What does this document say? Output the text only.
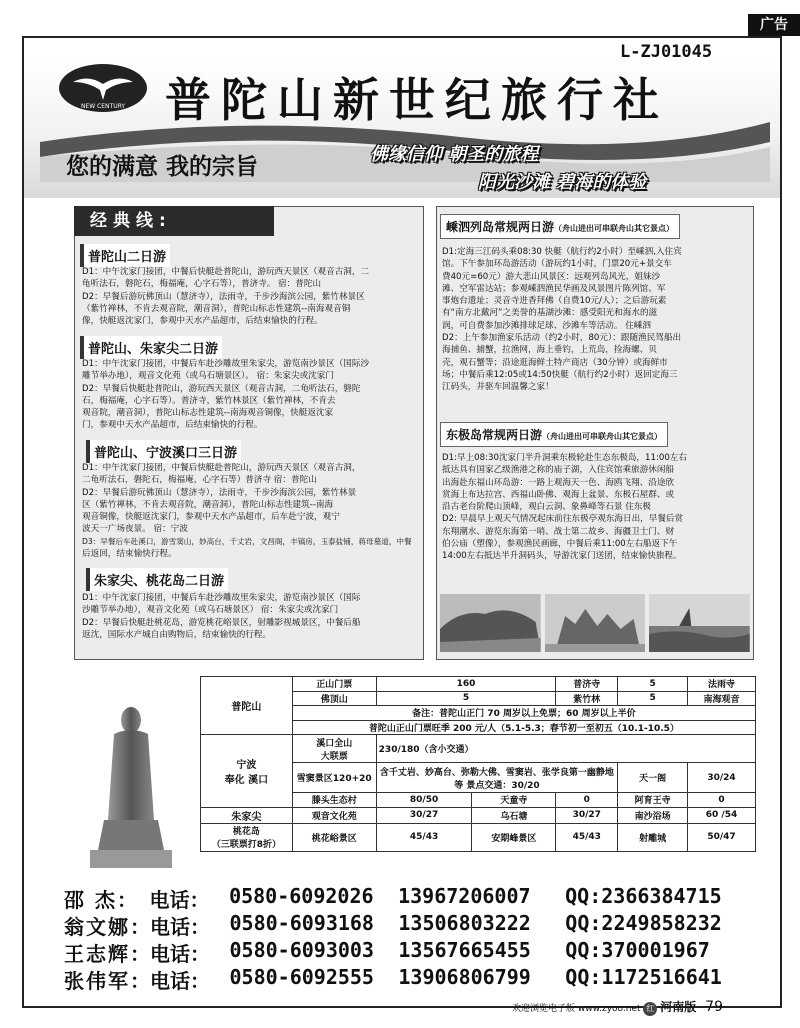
广告
L-ZJ01045
NEW CENTURY 普陀山新世纪旅行社
您的满意 我的宗旨	佛缘信仰 朝圣的旅程
阳光沙滩 碧海的体验
经典线:
普陀山二日游
D1：中午沈家门接团，中餐后快艇赴普陀山，游玩西天景区（观音古洞，二
龟听法石，磐陀石，梅福庵，心字石等），普济寺。 宿：普陀山
D2：早餐后游玩佛顶山（慧济寺），法雨寺，千步沙海滨公园，紫竹林景区
（紫竹禅林，不肯去观音院，潮音洞），普陀山标志性建筑--南海观音铜
像，快艇返沈家门，参观中天水产品超市，后结束愉快的行程。
普陀山、朱家尖二日游
D1：中午沈家门接团，中餐后车赴沙雕故里朱家尖，游览南沙景区（国际沙
雕节举办地），观音文化苑（或乌石塘景区）。 宿：朱家尖或沈家门
D2：早餐后快艇赴普陀山，游玩西天景区（观音古洞，二龟听法石，磐陀
石，梅福庵，心字石等）。普济寺，紫竹林景区（紫竹禅林，不肯去
观音院，潮音洞），普陀山标志性建筑--南海观音铜像，快艇返沈家
门，参观中天水产品超市，后结束愉快的行程。
普陀山、宁波溪口三日游
D1：中午沈家门接团，中餐后快艇赴普陀山，游玩西天景区（观音古洞，
二龟听法石，磐陀石，梅福庵，心字石等）普济寺 宿：普陀山
D2：早餐后游玩佛顶山（慧济寺），法雨寺，千步沙海滨公园，紫竹林景
区（紫竹禅林，不肯去观音院，潮音洞），普陀山标志性建筑--南海
观音铜像，快艇返沈家门，参观中天水产品超市，后车赴宁波，观宁
波天一广场夜景。 宿：宁波
D3：早餐后车赴溪口，游雪窦山，妙高台，千丈岩，文昌阁，丰镐房，玉泰盐铺，蒋母墓道，中餐
后返回，结束愉快行程。
朱家尖、桃花岛二日游
D1：中午沈家门接团，中餐后车赴沙雕故里朱家尖，游览南沙景区（国际
沙雕节举办地），观音文化苑（或乌石塘景区） 宿：朱家尖或沈家门
D2：早餐后快艇赴桃花岛，游览桃花峪景区，射雕影视城景区，中餐后船
返沈，国际水产城自由购物后，结束愉快的行程。
嵊泗列岛常规两日游（舟山进出可串联舟山其它景点）
D1:定海三江码头乘08:30 快艇（航行约2小时）至嵊泗,入住宾
馆。下午参加环岛游活动（游玩约1小时，门票20元+景交车
费40元=60元）游大悲山风景区：远观列岛风光，姐妹沙
滩、空军雷达站；参观嵊泗渔民华画及风景图片陈列馆、军
事炮台遗址；灵音寺进香拜佛（自费10元/人）；之后游玩素
有“南方北戴河”之美誉的基湖沙滩：感受阳光和海水的滋
润，可自费参加沙滩排球足球、沙滩车等活动。 住嵊泗
D2：上午参加渔家乐活动（约2小时，80元）：跟随渔民驾船出
海捕鱼、捕蟹，拉渔网，海上垂钓，上荒岛，捡海螺、贝
壳，观石蟹等；沿途逛海鲜土特产商店（30分钟）或海鲜市
场；中餐后乘12:05或14:50快艇（航行约2小时）返回定海三
江码头，并驱车回温馨之家！
东极岛常规两日游（舟山进出可串联舟山其它景点）
D1:早上08:30沈家门半升洞乘东极轮赴生态东极岛，11:00左右
抵达具有国家乙级渔港之称的庙子湖，入住宾馆乘旅游休闲船
出海赴东福山环岛游：一路上观海天一色、海鸥飞翔、沿途欣
赏海上布达拉宫、西福山卧佛、观海上盆景、东极石屋群、或
沿古老台阶爬山顶峰，观白云洞、象鼻峰等石景 住东极
D2: 早晨早上观天气情况起床前往东极亭观东海日出，早餐后赏
东翔潮水、游览东海第一哨、战士第二故乡、海疆卫士门、财
伯公庙（塑像），参观渔民画廊，中餐后乘11:00左右船返下午
14:00左右抵达半升洞码头，导游沈家门送团，结束愉快旅程。
普陀山	正山门票	160		普济寺	5	法雨寺
	佛顶山	5		紫竹林	5	南海观音
	备注：普陀山正门 70 周岁以上免票；60 周岁以上半价					
	普陀山正山门票旺季 200 元/人（5.1-5.3；春节初一至初五（10.1-10.5）					
宁波
奉化 溪口	溪口全山
大联票	230/180（含小交通）				
	雪窦景区120+20	含千丈岩、妙高台、弥勒大佛、雪窦岩、张学良第一幽静地等 景点交通：30/20			天一阁	30/24
	滕头生态村	80/50	天童寺	0	阿育王寺	0
朱家尖	观音文化苑	30/27	乌石塘	30/27	南沙浴场	60 /54
桃花岛
（三联票打8折）	桃花峪景区	45/43	安期峰景区	45/43	射雕城	50/47
邵 杰： 电话： 0580-6092026	13967206007	QQ:2366384715
翁文娜：
电话： 0580-6093168	13506803222	QQ:2249858232
王志辉：
电话： 0580-6093003	13567665455	QQ:370001967
张伟军：
电话： 0580-6092555	13906806799	QQ:1172516641
欢迎浏览电子版 www.zyoo.net 红 河南版 79
